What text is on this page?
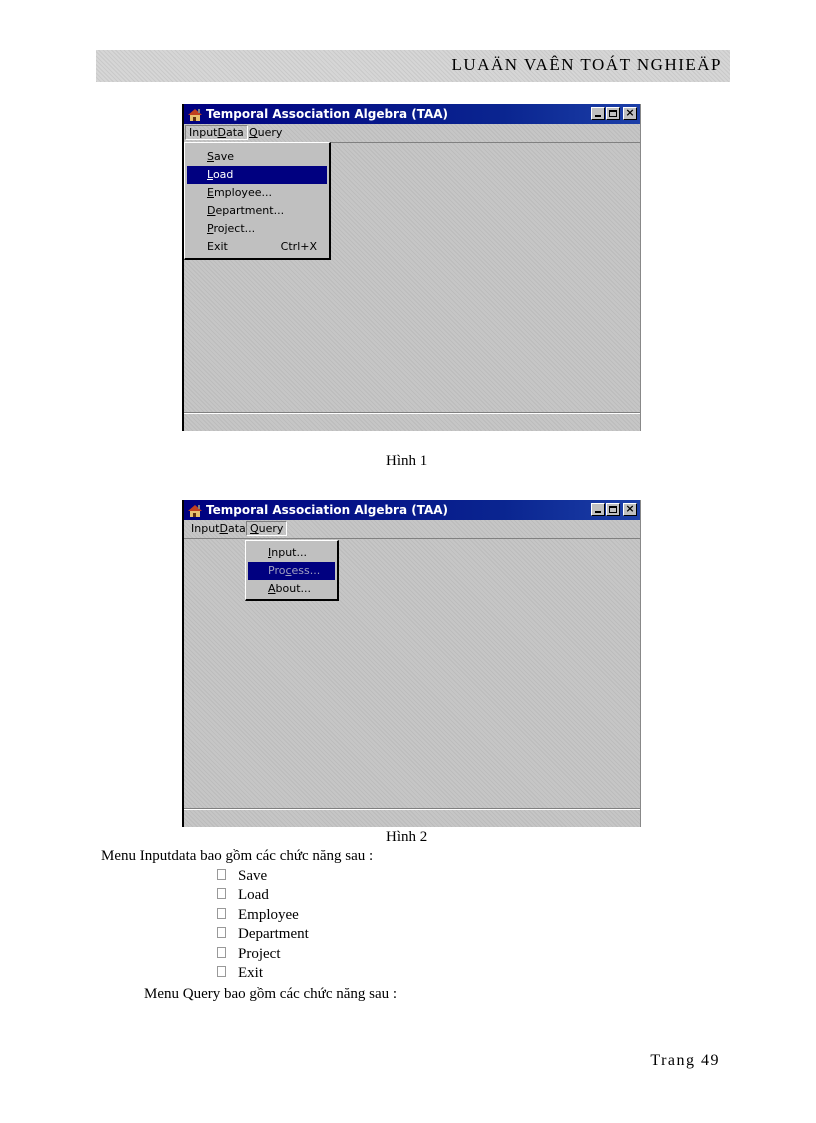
LUAÄN VAÊN TOÁT NGHIEÄP
Temporal Association Algebra (TAA)	×
InputData Query
Save
Load
Employee...
Department...
Project...
Exit	Ctrl+X
Hình 1
Temporal Association Algebra (TAA)	×
InputData Query
Input...
Process...
About...
Hình 2
Menu Inputdata bao gồm các chức năng sau :
Save
Load
Employee
Department
Project
Exit
Menu Query bao gồm các chức năng sau :
Trang 49
